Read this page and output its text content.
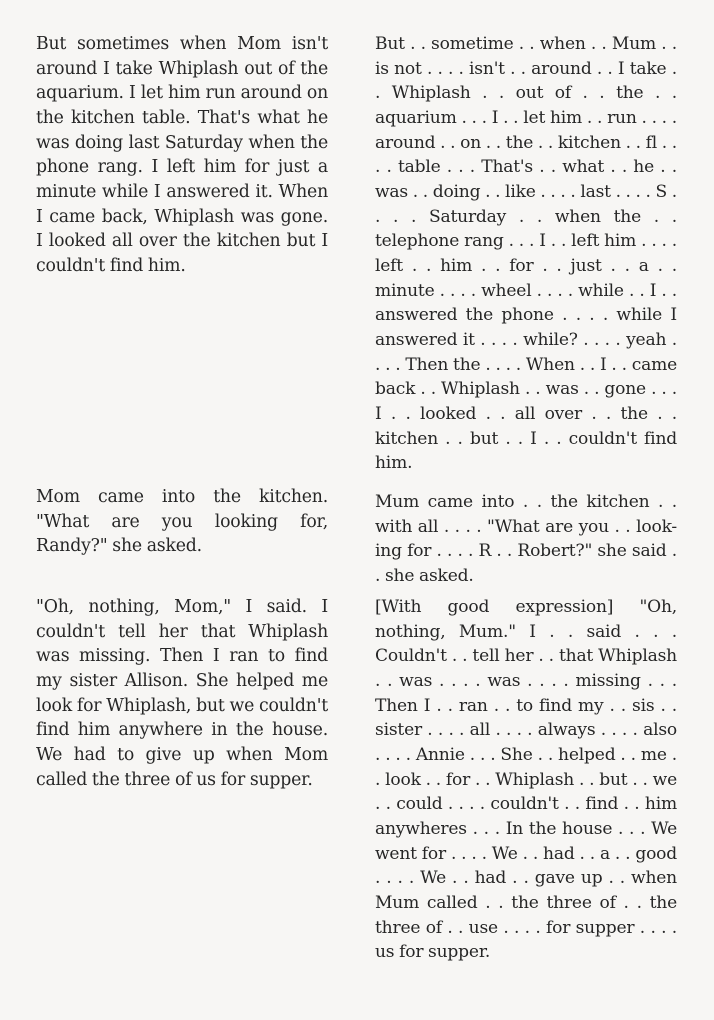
But sometimes when Mom isn't around I take Whiplash out of the aquarium. I let him run around on the kitchen table. That's what he was doing last Saturday when the phone rang. I left him for just a minute while I answered it. When I came back, Whiplash was gone. I looked all over the kitchen but I couldn't find him.

Mom came into the kitchen. "What are you looking for, Randy?" she asked.

"Oh, nothing, Mom," I said. I couldn't tell her that Whiplash was missing. Then I ran to find my sister Allison. She helped me look for Whiplash, but we couldn't find him anywhere in the house. We had to give up when Mom called the three of us for supper.

But . . sometime . . when . . Mum . . is not . . . . isn't . . around . . I take . . Whiplash . . out of . . the . . aquarium . . . I . . let him . . run . . . . around . . on . . the . . kitchen . . fl . . . . table . . . That's . . what . . he . . was . . doing . . like . . . . last . . . . S . . . . Saturday . . when the . . telephone rang . . . I . . left him . . . . left . . him . . for . . just . . a . . minute . . . . wheel . . . . while . . I . . answered the phone . . . . while I answered it . . . . while? . . . . yeah . . . . Then the . . . . When . . I . . came back . . Whiplash . . was . . gone . . . I . . looked . . all over . . the . . kitchen . . but . . I . . couldn't find him.

Mum came into . . the kitchen . . with all . . . . "What are you . . look-ing for . . . . R . . Robert?" she said . . she asked.

[With good expression] "Oh, nothing, Mum." I . . said . . . Couldn't . . tell her . . that Whiplash . . was . . . . was . . . . missing . . . Then I . . ran . . to find my . . sis . . sister . . . . all . . . . always . . . . also . . . . Annie . . . She . . helped . . me . . look . . for . . Whiplash . . but . . we . . could . . . . couldn't . . find . . him anywheres . . . In the house . . . We went for . . . . We . . had . . a . . good . . . . We . . had . . gave up . . when Mum called . . the three of . . the three of . . use . . . . for supper . . . . us for supper.
